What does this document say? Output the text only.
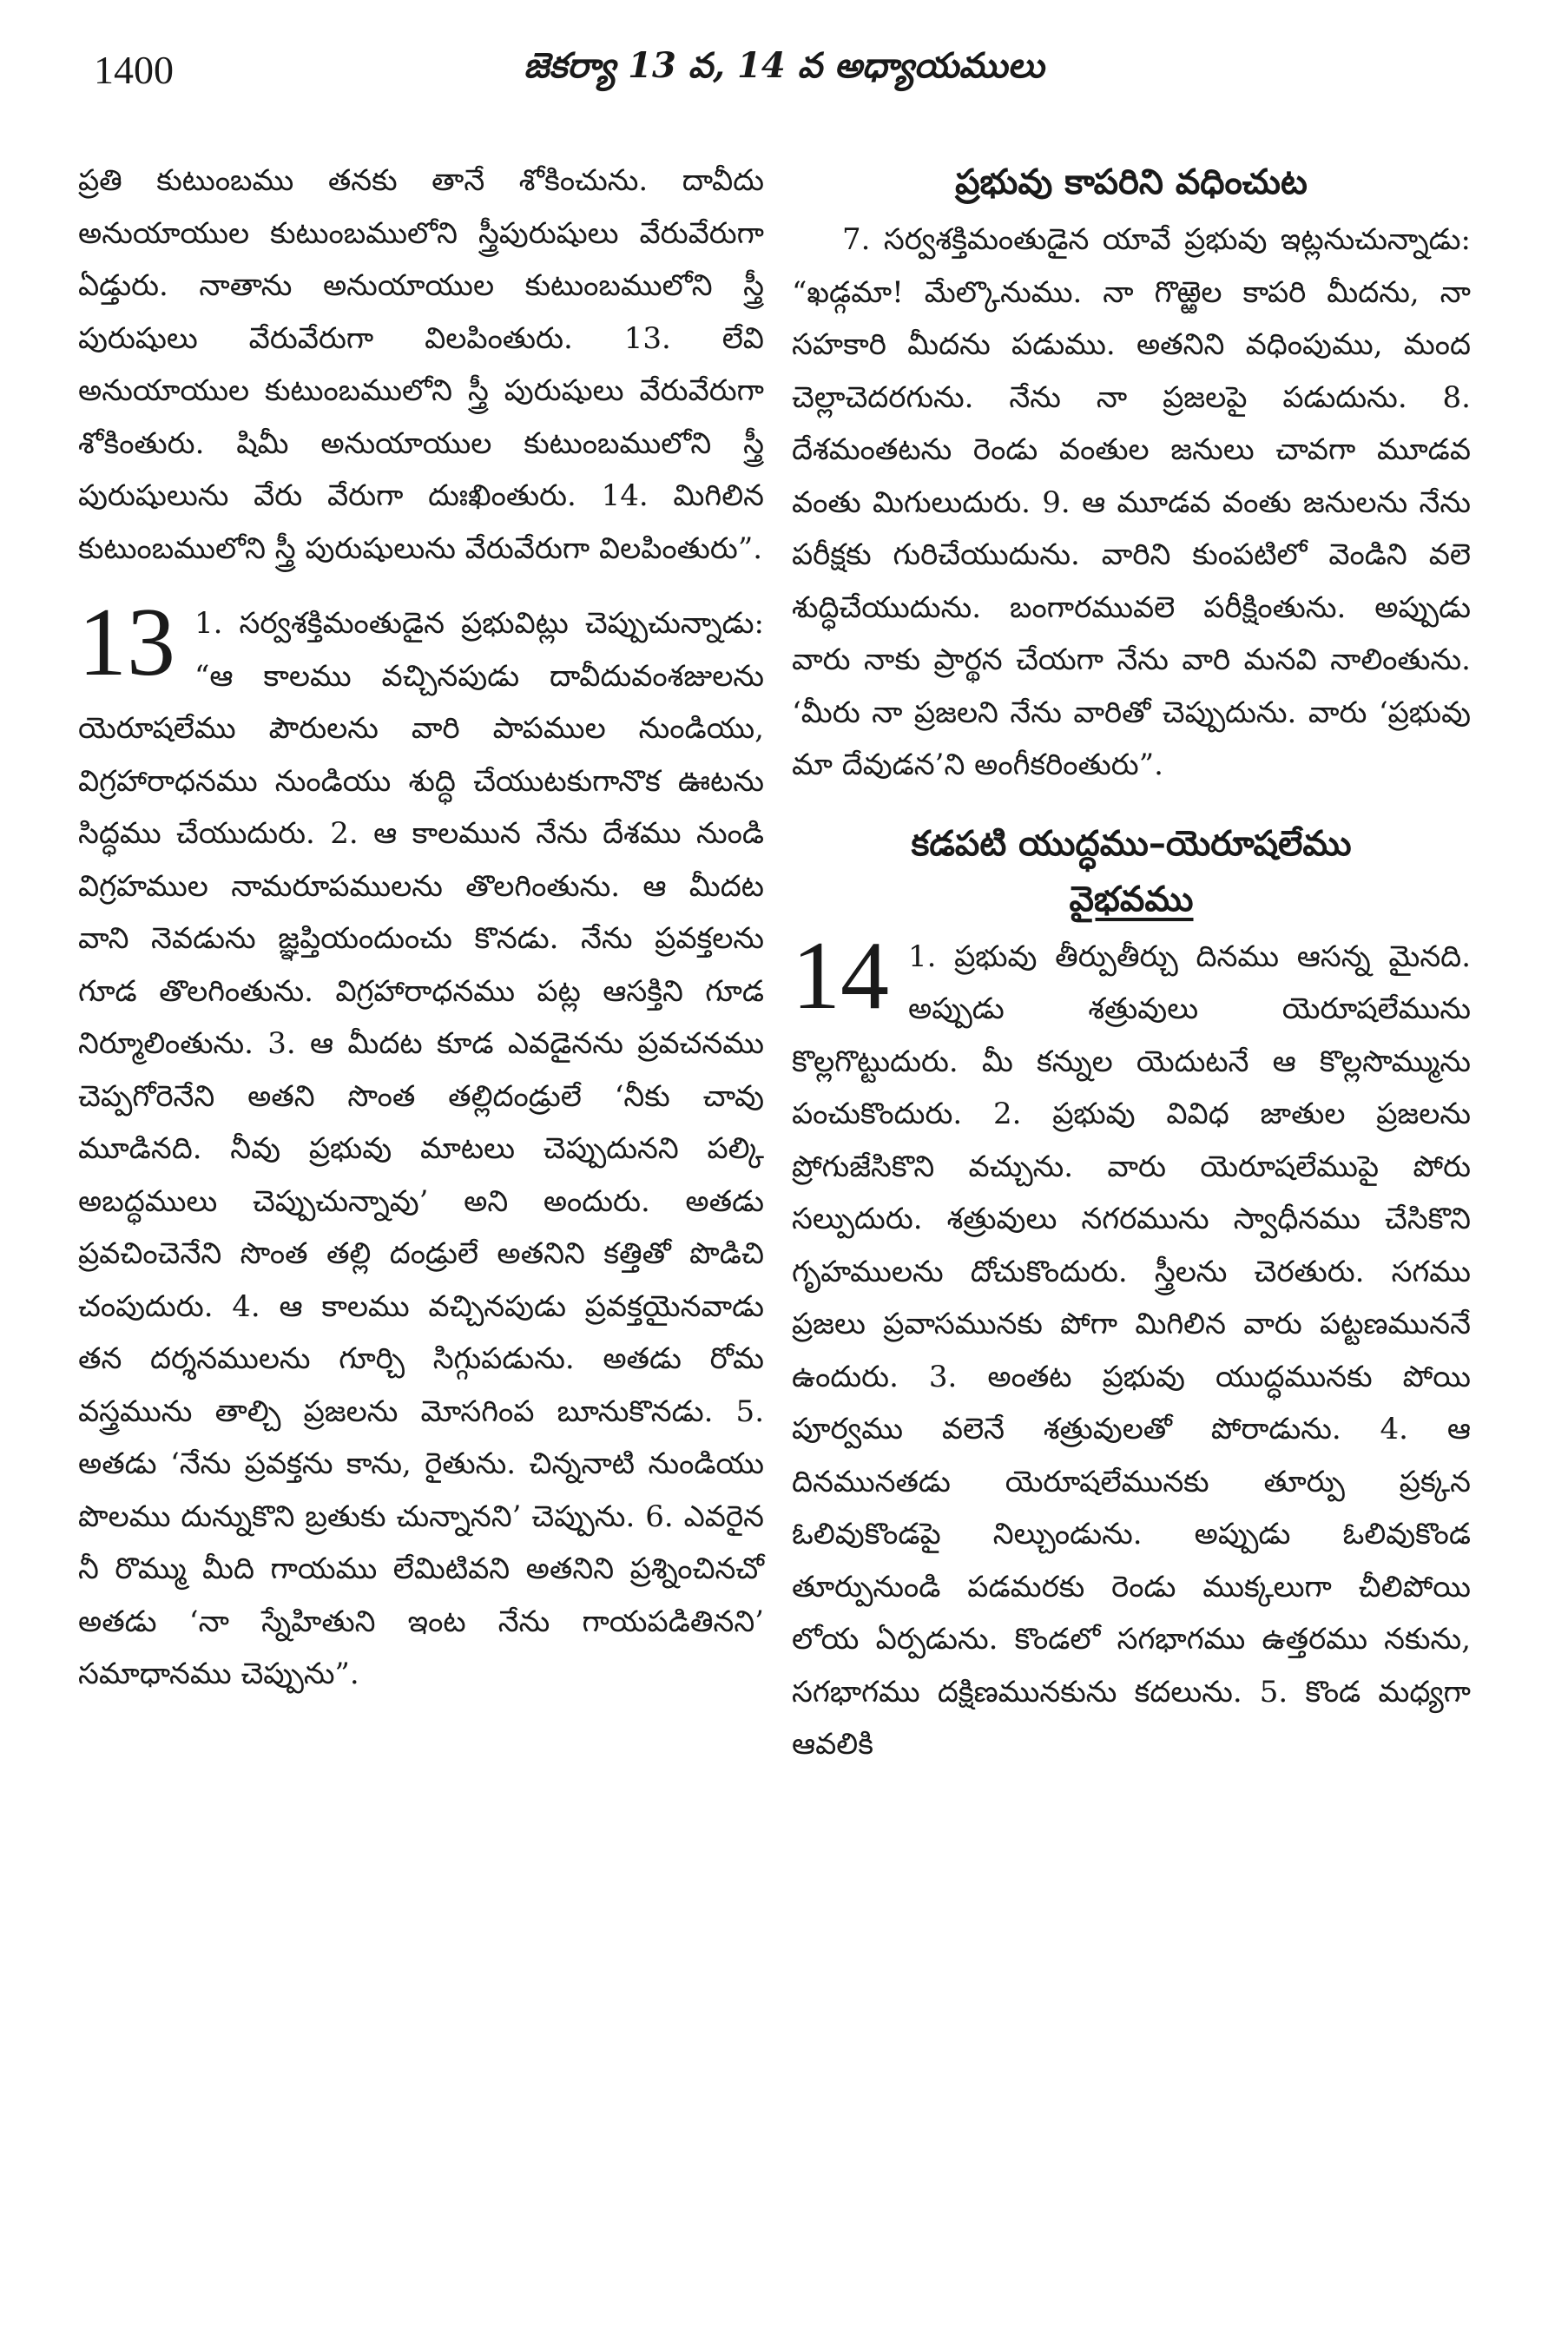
1400	జెకర్యా 13 వ, 14 వ అధ్యాయములు

ప్రతి కుటుంబము తనకు తానే శోకించును. దావీదు అనుయాయుల కుటుంబములోని స్త్రీపురుషులు వేరువేరుగా ఏడ్తురు. నాతాను అనుయాయుల కుటుంబములోని స్త్రీ పురుషులు వేరువేరుగా విలపింతురు. 13. లేవి అనుయాయుల కుటుంబములోని స్త్రీ పురుషులు వేరువేరుగా శోకింతురు. షిమీ అనుయాయుల కుటుంబములోని స్త్రీ పురుషులును వేరు వేరుగా దుఃఖింతురు. 14. మిగిలిన కుటుంబములోని స్త్రీ పురుషులును వేరువేరుగా విలపింతురు”.

13 1. సర్వశక్తిమంతుడైన ప్రభువిట్లు చెప్పుచున్నాడు: “ఆ కాలము వచ్చినపుడు దావీదువంశజులను యెరూషలేము పౌరులను వారి పాపముల నుండియు, విగ్రహారాధనము నుండియు శుద్ధి చేయుటకుగానొక ఊటను సిద్ధము చేయుదురు. 2. ఆ కాలమున నేను దేశము నుండి విగ్రహముల నామరూపములను తొలగింతును. ఆ మీదట వాని నెవడును జ్ఞప్తియందుంచు కొనడు. నేను ప్రవక్తలను గూడ తొలగింతును. విగ్రహారాధనము పట్ల ఆసక్తిని గూడ నిర్మూలింతును. 3. ఆ మీదట కూడ ఎవడైనను ప్రవచనము చెప్పగోరెనేని అతని సొంత తల్లిదండ్రులే ‘నీకు చావు మూడినది. నీవు ప్రభువు మాటలు చెప్పుదునని పల్కి అబద్ధములు చెప్పుచున్నావు’ అని అందురు. అతడు ప్రవచించెనేని సొంత తల్లి దండ్రులే అతనిని కత్తితో పొడిచి చంపుదురు. 4. ఆ కాలము వచ్చినపుడు ప్రవక్తయైనవాడు తన దర్శనములను గూర్చి సిగ్గుపడును. అతడు రోమ వస్త్రమును తాల్చి ప్రజలను మోసగింప బూనుకొనడు. 5. అతడు ‘నేను ప్రవక్తను కాను, రైతును. చిన్ననాటి నుండియు పొలము దున్నుకొని బ్రతుకు చున్నానని’ చెప్పును. 6. ఎవరైన నీ రొమ్ము మీది గాయము లేమిటివని అతనిని ప్రశ్నించినచో అతడు ‘నా స్నేహితుని ఇంట నేను గాయపడితినని’ సమాధానము చెప్పును”.

ప్రభువు కాపరిని వధించుట

7. సర్వశక్తిమంతుడైన యావే ప్రభువు ఇట్లనుచున్నాడు: “ఖడ్గమా! మేల్కొనుము. నా గొఱ్ఱెల కాపరి మీదను, నా సహకారి మీదను పడుము. అతనిని వధింపుము, మంద చెల్లాచెదరగును. నేను నా ప్రజలపై పడుదును. 8. దేశమంతటను రెండు వంతుల జనులు చావగా మూడవ వంతు మిగులుదురు. 9. ఆ మూడవ వంతు జనులను నేను పరీక్షకు గురిచేయుదును. వారిని కుంపటిలో వెండిని వలె శుద్ధిచేయుదును. బంగారమువలె పరీక్షింతును. అప్పుడు వారు నాకు ప్రార్థన చేయగా నేను వారి మనవి నాలింతును. ‘మీరు నా ప్రజలని నేను వారితో చెప్పుదును. వారు ‘ప్రభువు మా దేవుడన’ని అంగీకరింతురు”.

కడపటి యుద్ధము–యెరూషలేము
వైభవము

14 1. ప్రభువు తీర్పుతీర్చు దినము ఆసన్న మైనది. అప్పుడు శత్రువులు యెరూషలేమును కొల్లగొట్టుదురు. మీ కన్నుల యెదుటనే ఆ కొల్లసొమ్మును పంచుకొందురు. 2. ప్రభువు వివిధ జాతుల ప్రజలను ప్రోగుజేసికొని వచ్చును. వారు యెరూషలేముపై పోరు సల్పుదురు. శత్రువులు నగరమును స్వాధీనము చేసికొని గృహములను దోచుకొందురు. స్త్రీలను చెరతురు. సగము ప్రజలు ప్రవాసమునకు పోగా మిగిలిన వారు పట్టణముననే ఉందురు. 3. అంతట ప్రభువు యుద్ధమునకు పోయి పూర్వము వలెనే శత్రువులతో పోరాడును. 4. ఆ దినమునతడు యెరూషలేమునకు తూర్పు ప్రక్కన ఓలివుకొండపై నిల్చుండును. అప్పుడు ఓలివుకొండ తూర్పునుండి పడమరకు రెండు ముక్కలుగా చీలిపోయి లోయ ఏర్పడును. కొండలో సగభాగము ఉత్తరము నకును, సగభాగము దక్షిణమునకును కదలును. 5. కొండ మధ్యగా ఆవలికి
